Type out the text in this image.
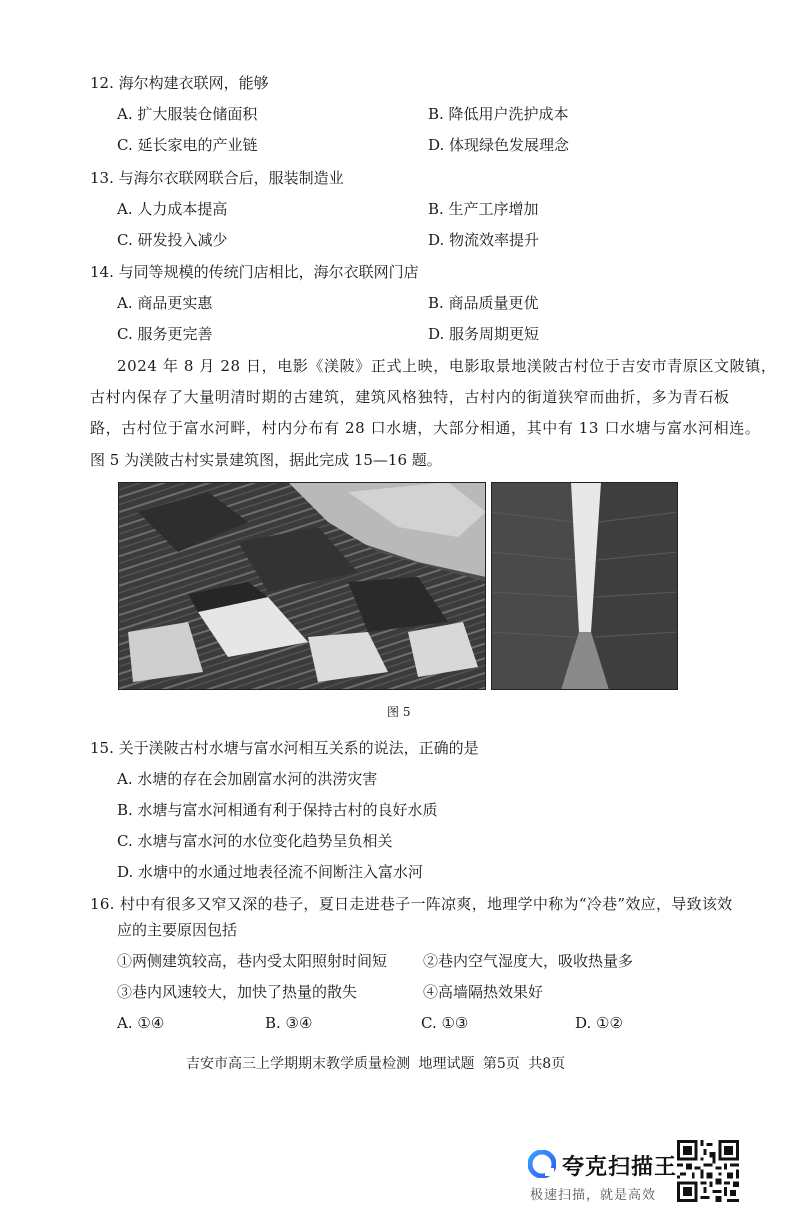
12. 海尔构建衣联网，能够
A. 扩大服装仓储面积	B. 降低用户洗护成本
C. 延长家电的产业链	D. 体现绿色发展理念
13. 与海尔衣联网联合后，服装制造业
A. 人力成本提高	B. 生产工序增加
C. 研发投入减少	D. 物流效率提升
14. 与同等规模的传统门店相比，海尔衣联网门店
A. 商品更实惠	B. 商品质量更优
C. 服务更完善	D. 服务周期更短
2024 年 8 月 28 日，电影《渼陂》正式上映，电影取景地渼陂古村位于吉安市青原区文陂镇，
古村内保存了大量明清时期的古建筑，建筑风格独特，古村内的街道狭窄而曲折，多为青石板
路，古村位于富水河畔，村内分布有 28 口水塘，大部分相通，其中有 13 口水塘与富水河相连。
图 5 为渼陂古村实景建筑图，据此完成 15—16 题。
图 5
15. 关于渼陂古村水塘与富水河相互关系的说法，正确的是
A. 水塘的存在会加剧富水河的洪涝灾害
B. 水塘与富水河相通有利于保持古村的良好水质
C. 水塘与富水河的水位变化趋势呈负相关
D. 水塘中的水通过地表径流不间断注入富水河
16. 村中有很多又窄又深的巷子，夏日走进巷子一阵凉爽，地理学中称为“冷巷”效应，导致该效
应的主要原因包括
①两侧建筑较高，巷内受太阳照射时间短 ②巷内空气湿度大，吸收热量多
③巷内风速较大，加快了热量的散失	④高墙隔热效果好
A. ①④	B. ③④	C. ①③	D. ①②
吉安市高三上学期期末教学质量检测 地理试题 第5页 共8页
夸克扫描王
极速扫描，就是高效
